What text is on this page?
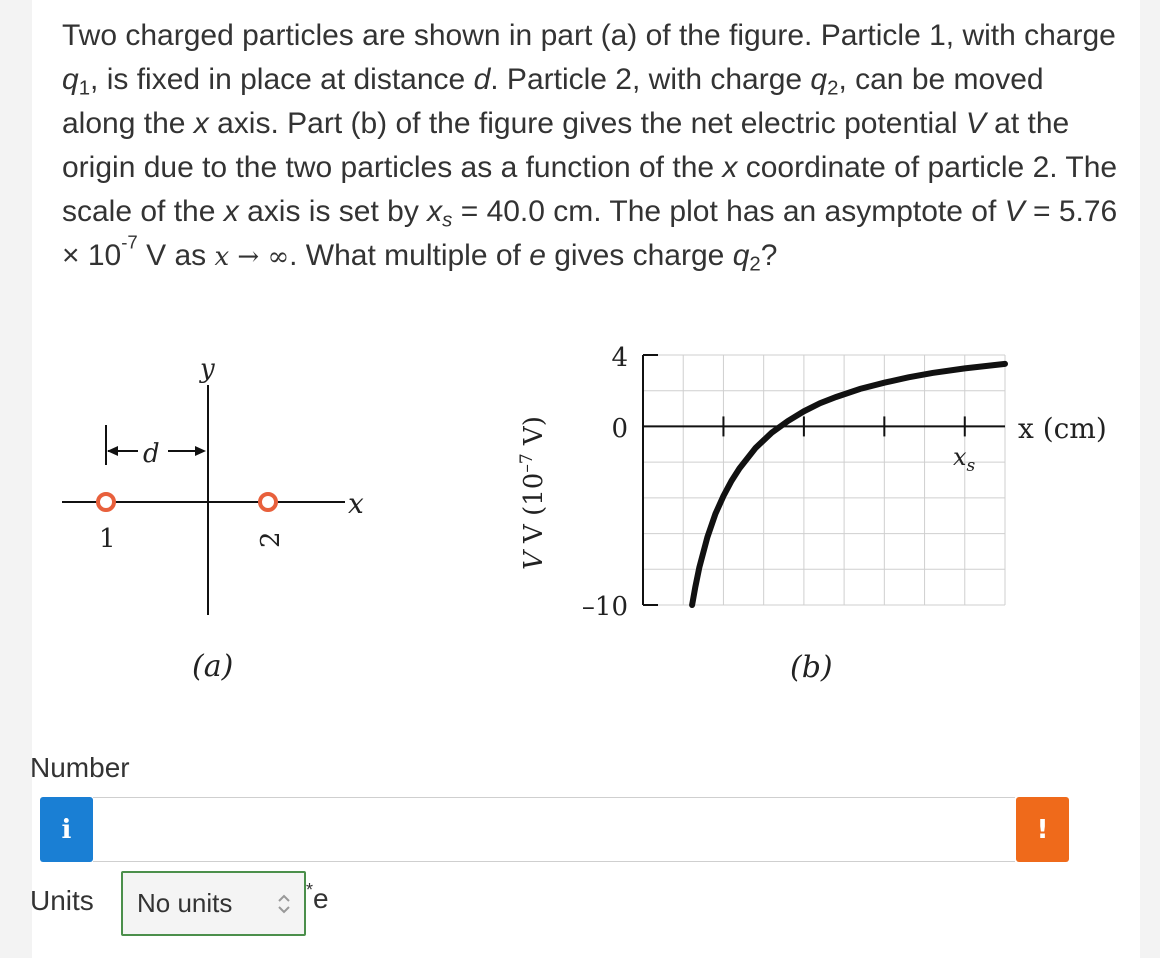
Two charged particles are shown in part (a) of the figure. Particle 1, with charge $q_1$, is fixed in place at distance d. Particle 2, with charge $q_2$, can be moved along the x axis. Part (b) of the figure gives the net electric potential V at the origin due to the two particles as a function of the x coordinate of particle 2. The scale of the x axis is set by $x_s = 40.0$ cm. The plot has an asymptote of $V = 5.76 \times 10^{-7}$ V as x → ∞. What multiple of e gives charge $q_2$?
y
x
d
1	2
(a)
4
0
–10
x (cm)
$x_s$
V V ($10^{-7}$ V)
(b)
Number
i	!
Units No units	*e
